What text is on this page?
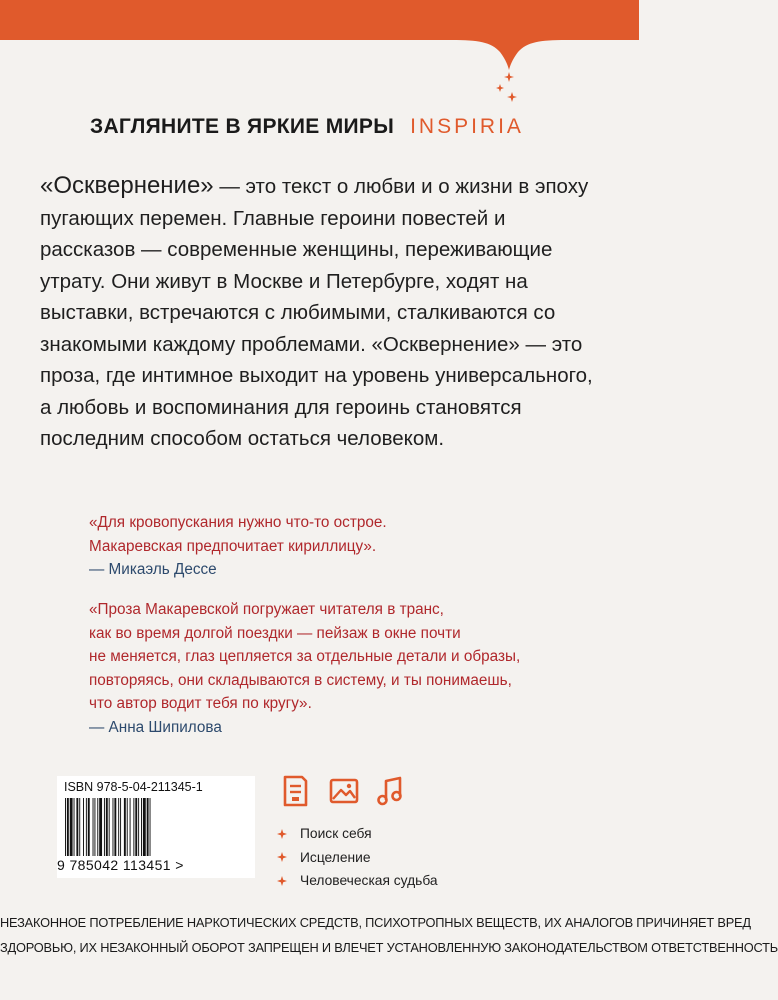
ЗАГЛЯНИТЕ В ЯРКИЕ МИРЫ INSPIRIA

«Осквернение» — это текст о любви и о жизни в эпоху пугающих перемен. Главные героини повестей и рассказов — современные женщины, переживающие утрату. Они живут в Москве и Петербурге, ходят на выставки, встречаются с любимыми, сталкиваются со знакомыми каждому проблемами. «Осквернение» — это проза, где интимное выходит на уровень универсального, а любовь и воспоминания для героинь становятся последним способом остаться человеком.

«Для кровопускания нужно что-то острое.
Макаревская предпочитает кириллицу».
— Микаэль Дессе
«Проза Макаревской погружает читателя в транс,
как во время долгой поездки — пейзаж в окне почти
не меняется, глаз цепляется за отдельные детали и образы,
повторяясь, они складываются в систему, и ты понимаешь,
что автор водит тебя по кругу».
— Анна Шипилова
ISBN 978-5-04-211345-1
9 785042 113451 >
Поиск себя
Исцеление
Человеческая судьба
НЕЗАКОННОЕ ПОТРЕБЛЕНИЕ НАРКОТИЧЕСКИХ СРЕДСТВ, ПСИХОТРОПНЫХ ВЕЩЕСТВ, ИХ АНАЛОГОВ ПРИЧИНЯЕТ ВРЕД
ЗДОРОВЬЮ, ИХ НЕЗАКОННЫЙ ОБОРОТ ЗАПРЕЩЕН И ВЛЕЧЕТ УСТАНОВЛЕННУЮ ЗАКОНОДАТЕЛЬСТВОМ ОТВЕТСТВЕННОСТЬ
